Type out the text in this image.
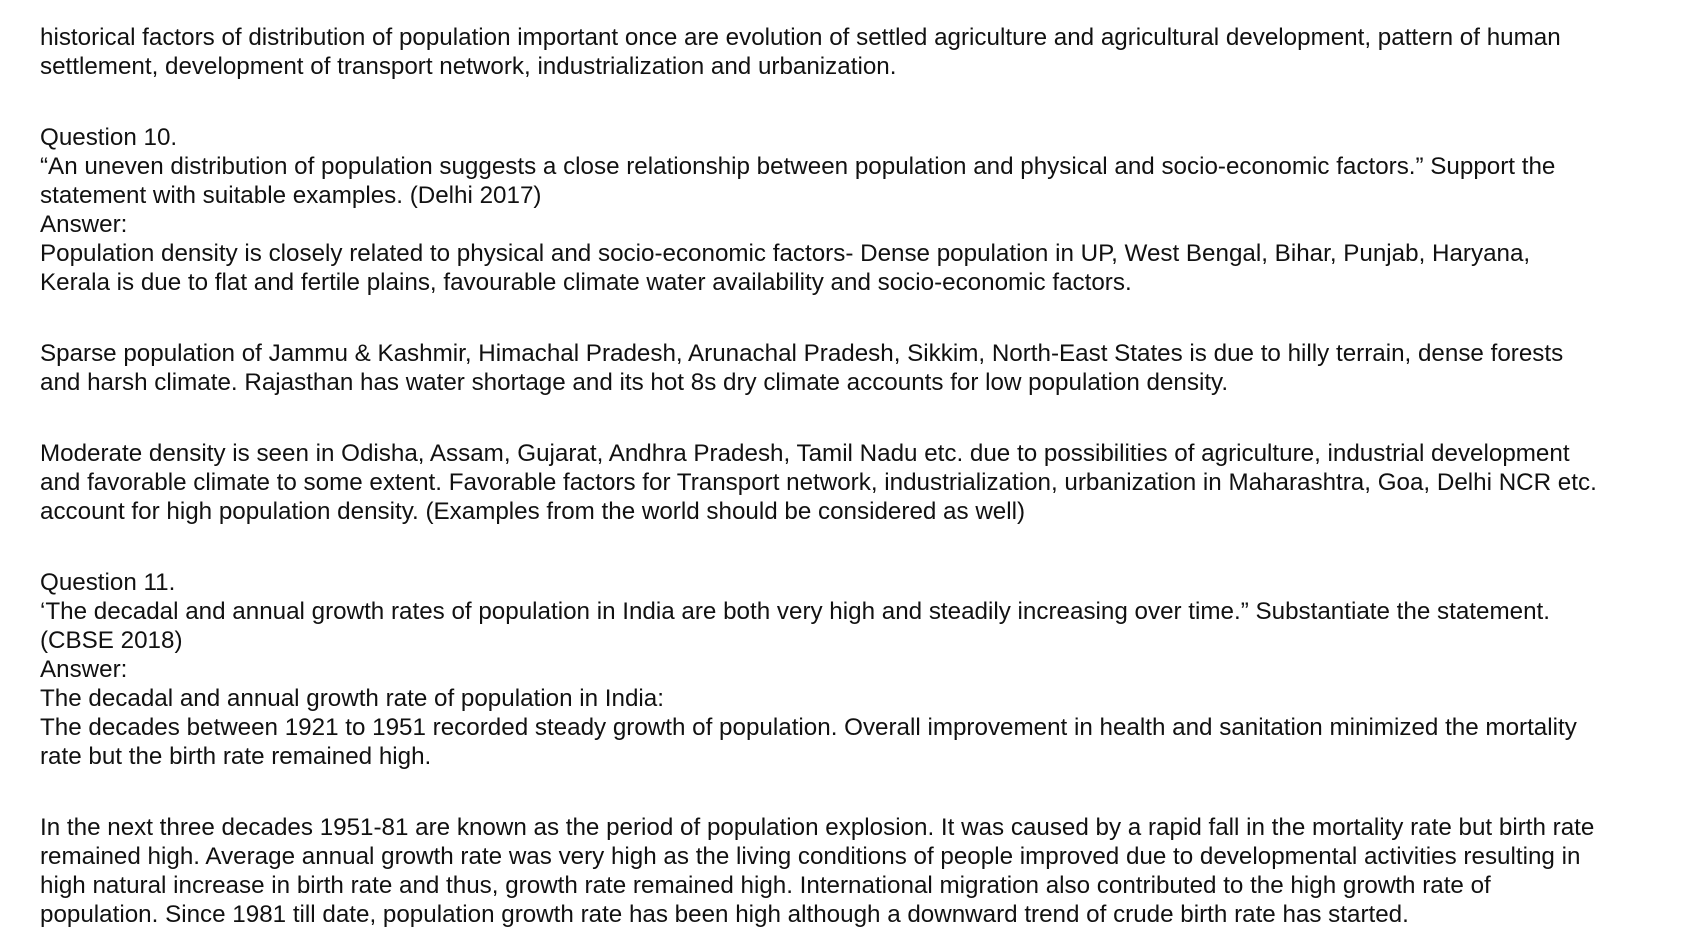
historical factors of distribution of population important once are evolution of settled agriculture and agricultural development, pattern of human
settlement, development of transport network, industrialization and urbanization.
Question 10.
“An uneven distribution of population suggests a close relationship between population and physical and socio-economic factors.” Support the
statement with suitable examples. (Delhi 2017)
Answer:
Population density is closely related to physical and socio-economic factors- Dense population in UP, West Bengal, Bihar, Punjab, Haryana,
Kerala is due to flat and fertile plains, favourable climate water availability and socio-economic factors.
Sparse population of Jammu & Kashmir, Himachal Pradesh, Arunachal Pradesh, Sikkim, North-East States is due to hilly terrain, dense forests
and harsh climate. Rajasthan has water shortage and its hot 8s dry climate accounts for low population density.
Moderate density is seen in Odisha, Assam, Gujarat, Andhra Pradesh, Tamil Nadu etc. due to possibilities of agriculture, industrial development
and favorable climate to some extent. Favorable factors for Transport network, industrialization, urbanization in Maharashtra, Goa, Delhi NCR etc.
account for high population density. (Examples from the world should be considered as well)
Question 11.
‘The decadal and annual growth rates of population in India are both very high and steadily increasing over time.” Substantiate the statement.
(CBSE 2018)
Answer:
The decadal and annual growth rate of population in India:
The decades between 1921 to 1951 recorded steady growth of population. Overall improvement in health and sanitation minimized the mortality
rate but the birth rate remained high.
In the next three decades 1951-81 are known as the period of population explosion. It was caused by a rapid fall in the mortality rate but birth rate
remained high. Average annual growth rate was very high as the living conditions of people improved due to developmental activities resulting in
high natural increase in birth rate and thus, growth rate remained high. International migration also contributed to the high growth rate of
population. Since 1981 till date, population growth rate has been high although a downward trend of crude birth rate has started.
